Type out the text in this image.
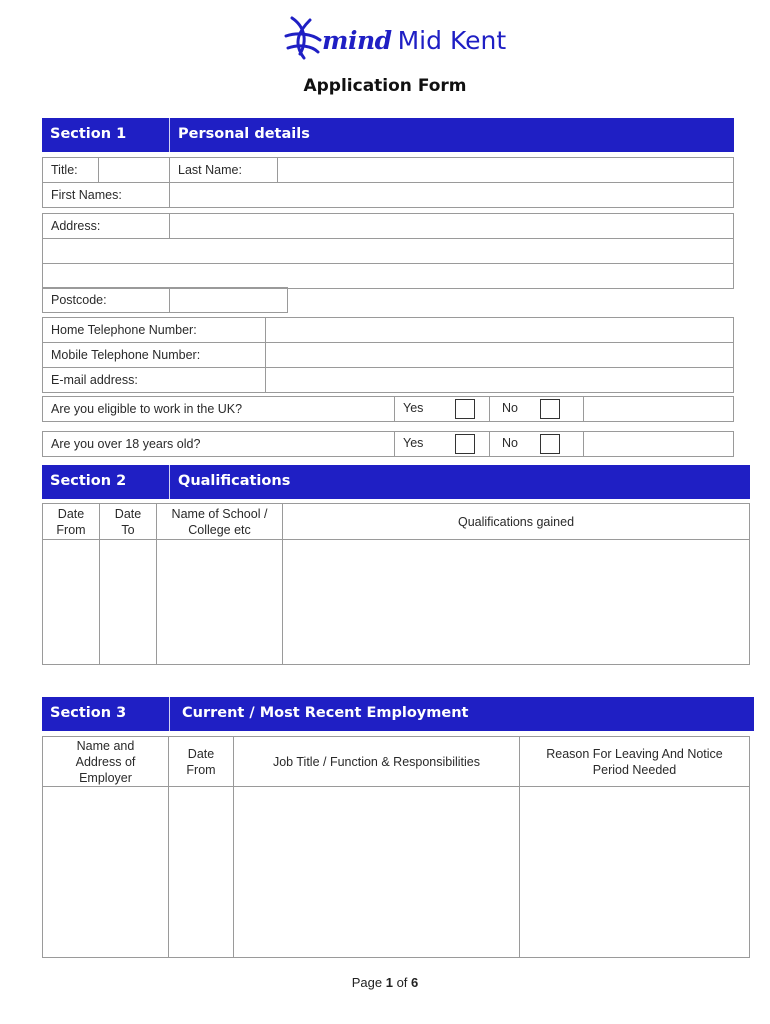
mind Mid Kent
Application Form
Section 1	Personal details
Title:		Last Name:	
First Names:			
Address:	

Postcode:	
Home Telephone Number:	
Mobile Telephone Number:	
E-mail address:	
Are you eligible to work in the UK?	Yes	No	
Are you over 18 years old?	Yes	No	
Section 2	Qualifications
Date From	Date To	Name of School / College etc	Qualifications gained

Section 3	Current / Most Recent Employment
Name and Address of Employer	Date From	Job Title / Function & Responsibilities	Reason For Leaving And Notice Period Needed

Page 1 of 6
